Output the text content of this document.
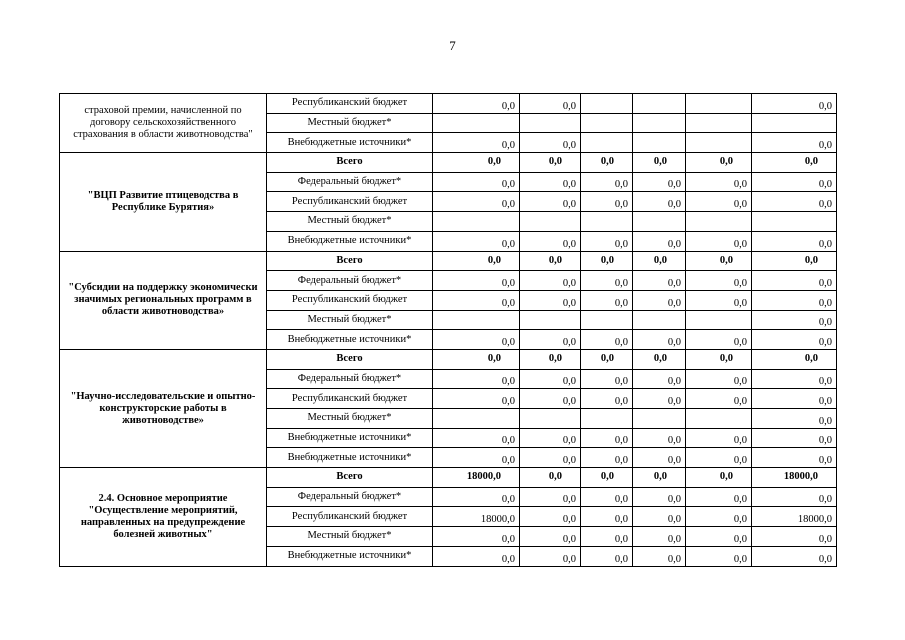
7
страховой премии, начисленной по договору сельскохозяйственного страхования в области животноводства"	Республиканский бюджет	0,0	0,0				0,0
	Местный бюджет*						
	Внебюджетные источники*	0,0	0,0				0,0
"ВЦП Развитие птицеводства в Республике Бурятия»	Всего	0,0	0,0	0,0	0,0	0,0	0,0
	Федеральный бюджет*	0,0	0,0	0,0	0,0	0,0	0,0
	Республиканский бюджет	0,0	0,0	0,0	0,0	0,0	0,0
	Местный бюджет*						
	Внебюджетные источники*	0,0	0,0	0,0	0,0	0,0	0,0
"Субсидии на поддержку экономически значимых региональных программ в области животноводства»	Всего	0,0	0,0	0,0	0,0	0,0	0,0
	Федеральный бюджет*	0,0	0,0	0,0	0,0	0,0	0,0
	Республиканский бюджет	0,0	0,0	0,0	0,0	0,0	0,0
	Местный бюджет*						0,0
	Внебюджетные источники*	0,0	0,0	0,0	0,0	0,0	0,0
"Научно-исследовательские и опытно-конструкторские работы в животноводстве»	Всего	0,0	0,0	0,0	0,0	0,0	0,0
	Федеральный бюджет*	0,0	0,0	0,0	0,0	0,0	0,0
	Республиканский бюджет	0,0	0,0	0,0	0,0	0,0	0,0
	Местный бюджет*						0,0
	Внебюджетные источники*	0,0	0,0	0,0	0,0	0,0	0,0
	Внебюджетные источники*	0,0	0,0	0,0	0,0	0,0	0,0
2.4. Основное мероприятие "Осуществление мероприятий, направленных на предупреждение болезней животных"	Всего	18000,0	0,0	0,0	0,0	0,0	18000,0
	Федеральный бюджет*	0,0	0,0	0,0	0,0	0,0	0,0
	Республиканский бюджет	18000,0	0,0	0,0	0,0	0,0	18000,0
	Местный бюджет*	0,0	0,0	0,0	0,0	0,0	0,0
	Внебюджетные источники*	0,0	0,0	0,0	0,0	0,0	0,0
